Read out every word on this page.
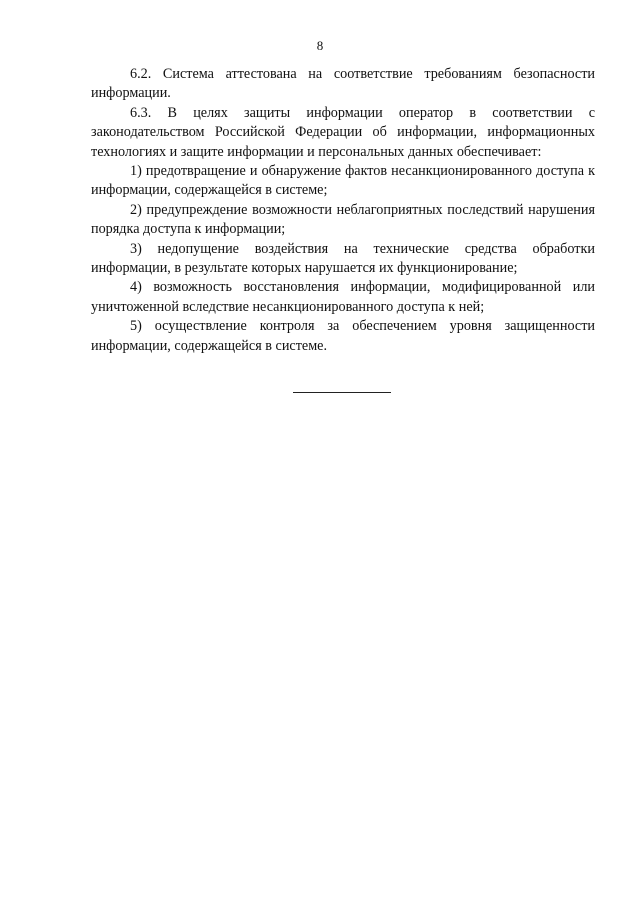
8

6.2. Система аттестована на соответствие требованиям безопасности информации.

6.3. В целях защиты информации оператор в соответствии с законодательством Российской Федерации об информации, информационных технологиях и защите информации и персональных данных обеспечивает:

1) предотвращение и обнаружение фактов несанкционированного доступа к информации, содержащейся в системе;

2) предупреждение возможности неблагоприятных последствий нарушения порядка доступа к информации;

3) недопущение воздействия на технические средства обработки информации, в результате которых нарушается их функционирование;

4) возможность восстановления информации, модифицированной или уничтоженной вследствие несанкционированного доступа к ней;

5) осуществление контроля за обеспечением уровня защищенности информации, содержащейся в системе.
